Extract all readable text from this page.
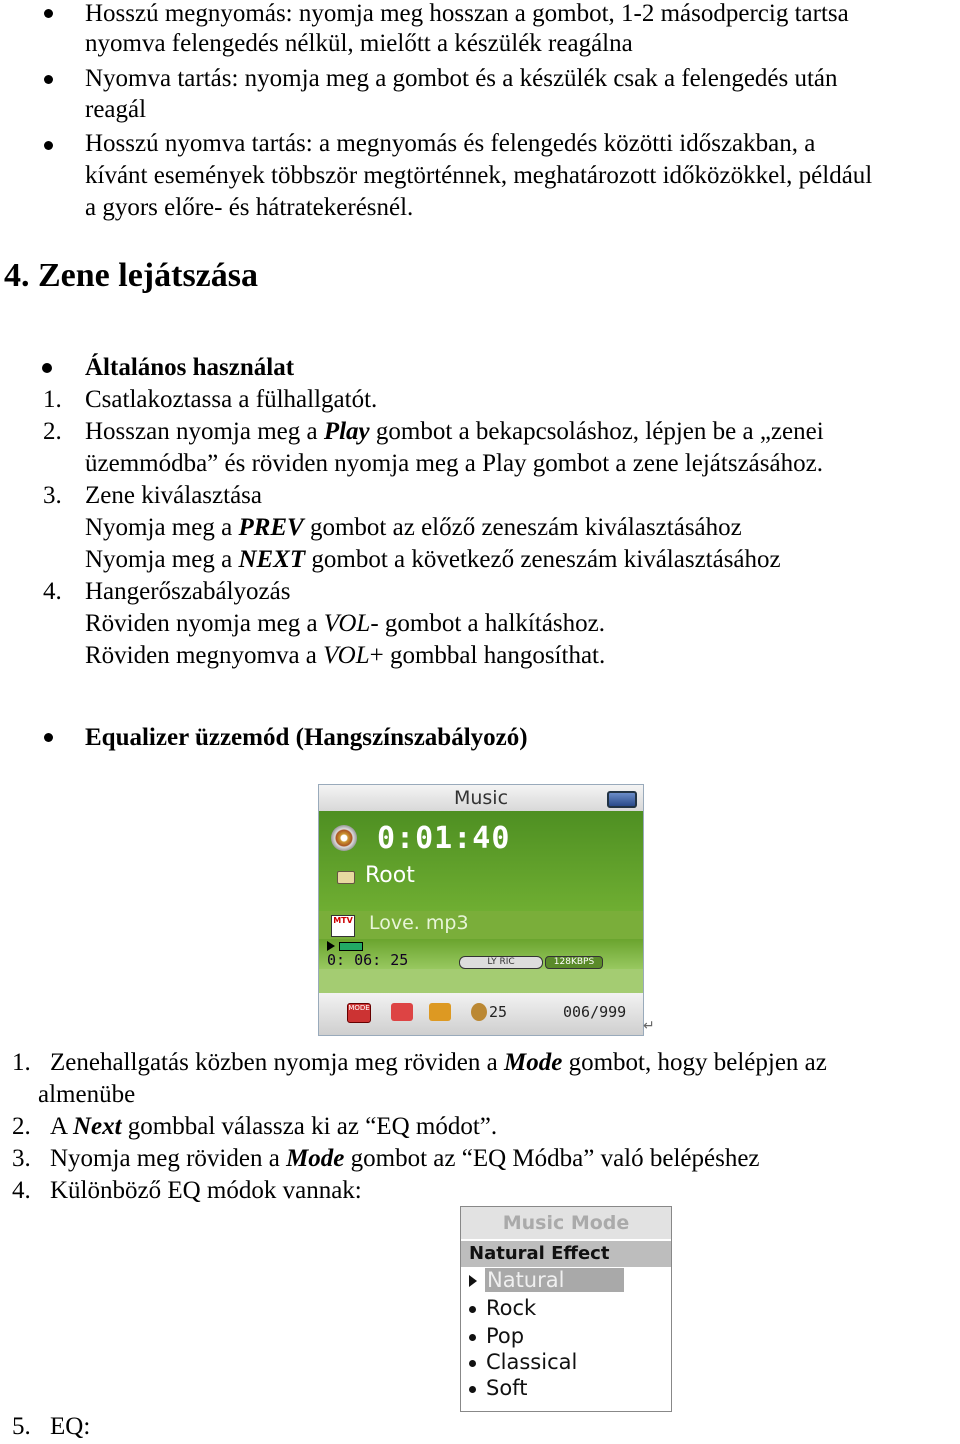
Hosszú megnyomás: nyomja meg hosszan a gombot, 1-2 másodpercig tartsa
nyomva felengedés nélkül, mielőtt a készülék reagálna
Nyomva tartás: nyomja meg a gombot és a készülék csak a felengedés után
reagál
Hosszú nyomva tartás: a megnyomás és felengedés közötti időszakban, a
kívánt események többször megtörténnek, meghatározott időközökkel, például
a gyors előre- és hátratekerésnél.
4. Zene lejátszása
Általános használat
1. Csatlakoztassa a fülhallgatót.
2. Hosszan nyomja meg a Play gombot a bekapcsoláshoz, lépjen be a „zenei
üzemmódba” és röviden nyomja meg a Play gombot a zene lejátszásához.
3. Zene kiválasztása
Nyomja meg a PREV gombot az előző zeneszám kiválasztásához
Nyomja meg a NEXT gombot a következő zeneszám kiválasztásához
4. Hangerőszabályozás
Röviden nyomja meg a VOL- gombot a halkításhoz.
Röviden megnyomva a VOL+ gombbal hangosíthat.
Equalizer üzzemód (Hangszínszabályozó)
Music
0:01:40
Root
MTV Love. mp3
0: 06: 25	LY RIC	128KBPS
MODE	25	006/999
↵
1. Zenehallgatás közben nyomja meg röviden a Mode gombot, hogy belépjen az
almenübe
2. A Next gombbal válassza ki az “EQ módot”.
3. Nyomja meg röviden a Mode gombot az “EQ Módba” való belépéshez
4. Különböző EQ módok vannak:
Music Mode
Natural Effect
Natural
Rock
Pop
Classical
Soft
5. EQ:
